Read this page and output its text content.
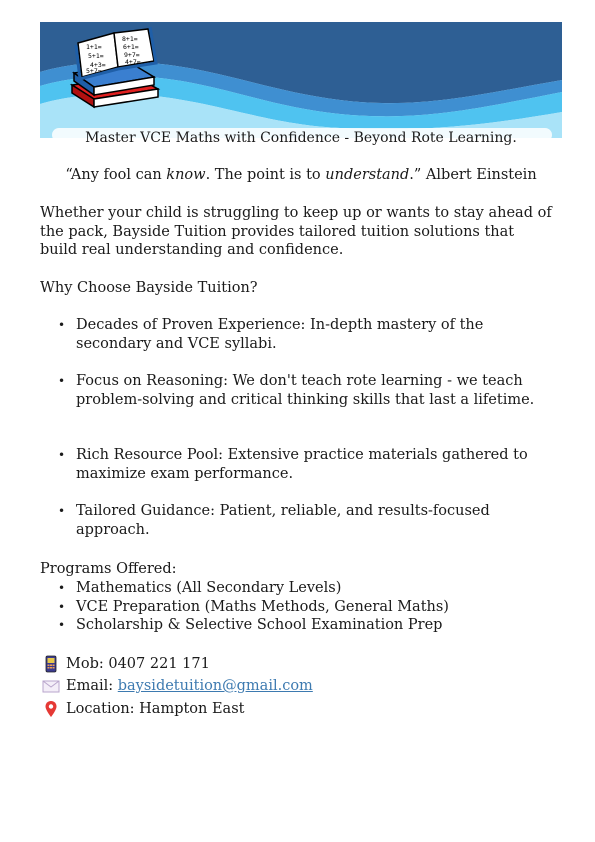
1+1=
5+1=
4+3=
8+1=
6+1=
9+7=
4+7=
5+7=
Master VCE Maths with Confidence - Beyond Rote Learning.
“Any fool can know. The point is to understand.” Albert Einstein

Whether your child is struggling to keep up or wants to stay ahead of the pack, Bayside Tuition provides tailored tuition solutions that build real understanding and confidence.

Why Choose Bayside Tuition?

• Decades of Proven Experience: In-depth mastery of the secondary and VCE syllabi.
• Focus on Reasoning: We don't teach rote learning - we teach problem-solving and critical thinking skills that last a lifetime.
• Rich Resource Pool: Extensive practice materials gathered to maximize exam performance.
• Tailored Guidance: Patient, reliable, and results-focused approach.

Programs Offered:

• Mathematics (All Secondary Levels)
• VCE Preparation (Maths Methods, General Maths)
• Scholarship & Selective School Examination Prep
Mob: 0407 221 171
Email: baysidetuition@gmail.com
Location: Hampton East
